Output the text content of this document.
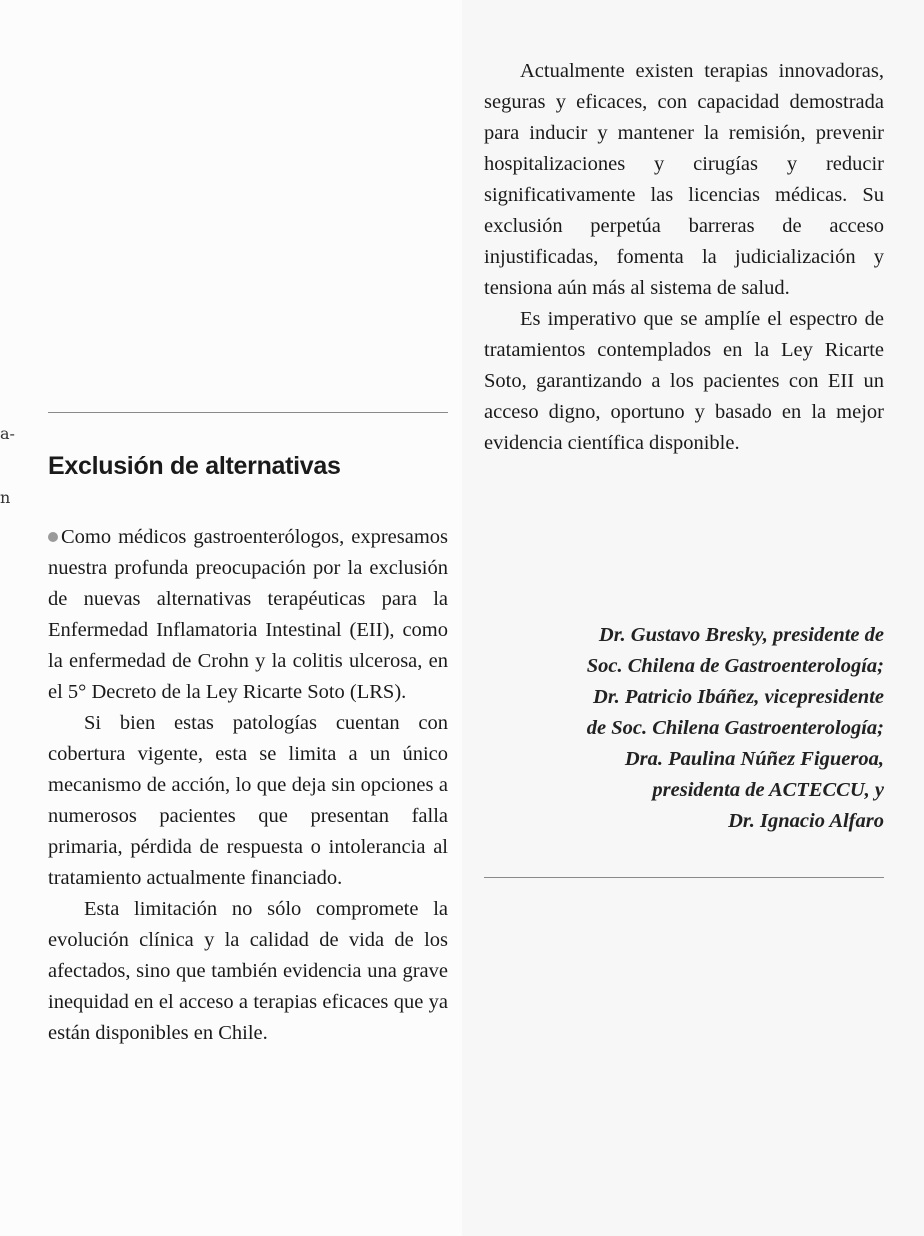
a-
n
Exclusión de alternativas

Como médicos gastroenterólogos, expresamos nuestra profunda preocupación por la exclusión de nuevas alternativas terapéuticas para la Enfermedad Inflamatoria Intestinal (EII), como la enfermedad de Crohn y la colitis ulcerosa, en el 5° Decreto de la Ley Ricarte Soto (LRS).

Si bien estas patologías cuentan con cobertura vigente, esta se limita a un único mecanismo de acción, lo que deja sin opciones a numerosos pacientes que presentan falla primaria, pérdida de respuesta o intolerancia al tratamiento actualmente financiado.

Esta limitación no sólo compromete la evolución clínica y la calidad de vida de los afectados, sino que también evidencia una grave inequidad en el acceso a terapias eficaces que ya están disponibles en Chile.

Actualmente existen terapias innovadoras, seguras y eficaces, con capacidad demostrada para inducir y mantener la remisión, prevenir hospitalizaciones y cirugías y reducir significativamente las licencias médicas. Su exclusión perpetúa barreras de acceso injustificadas, fomenta la judicialización y tensiona aún más al sistema de salud.

Es imperativo que se amplíe el espectro de tratamientos contemplados en la Ley Ricarte Soto, garantizando a los pacientes con EII un acceso digno, oportuno y basado en la mejor evidencia científica disponible.

Dr. Gustavo Bresky, presidente de
Soc. Chilena de Gastroenterología;
Dr. Patricio Ibáñez, vicepresidente
de Soc. Chilena Gastroenterología;
Dra. Paulina Núñez Figueroa,
presidenta de ACTECCU, y
Dr. Ignacio Alfaro
